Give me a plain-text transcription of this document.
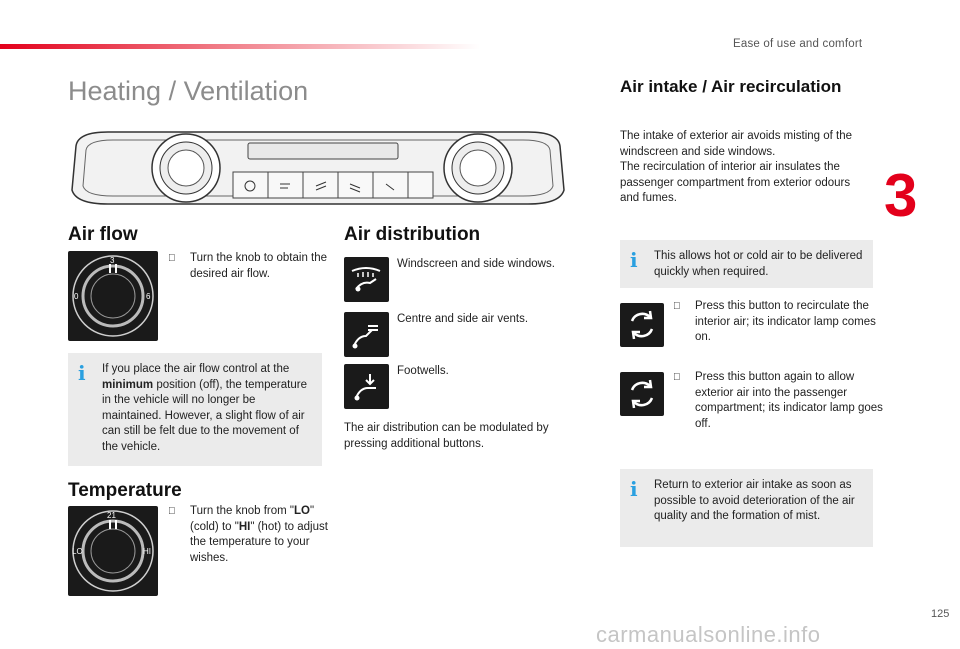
Ease of use and comfort
3
Heating / Ventilation
Air flow
3
0	6
Turn the knob to obtain the desired air flow.
i If you place the air flow control at the minimum position (off), the temperature in the vehicle will no longer be maintained. However, a slight flow of air can still be felt due to the movement of the vehicle.
Temperature
21
LO	HI
Turn the knob from "LO" (cold) to "HI" (hot) to adjust the temperature to your wishes.
Air distribution
Windscreen and side windows.
Centre and side air vents.
Footwells.
The air distribution can be modulated by pressing additional buttons.
Air intake / Air recirculation
The intake of exterior air avoids misting of the windscreen and side windows.
The recirculation of interior air insulates the passenger compartment from exterior odours and fumes.
i This allows hot or cold air to be delivered quickly when required.
Press this button to recirculate the interior air; its indicator lamp comes on.
Press this button again to allow exterior air into the passenger compartment; its indicator lamp goes off.
i Return to exterior air intake as soon as possible to avoid deterioration of the air quality and the formation of mist.
125
carmanualsonline.info
